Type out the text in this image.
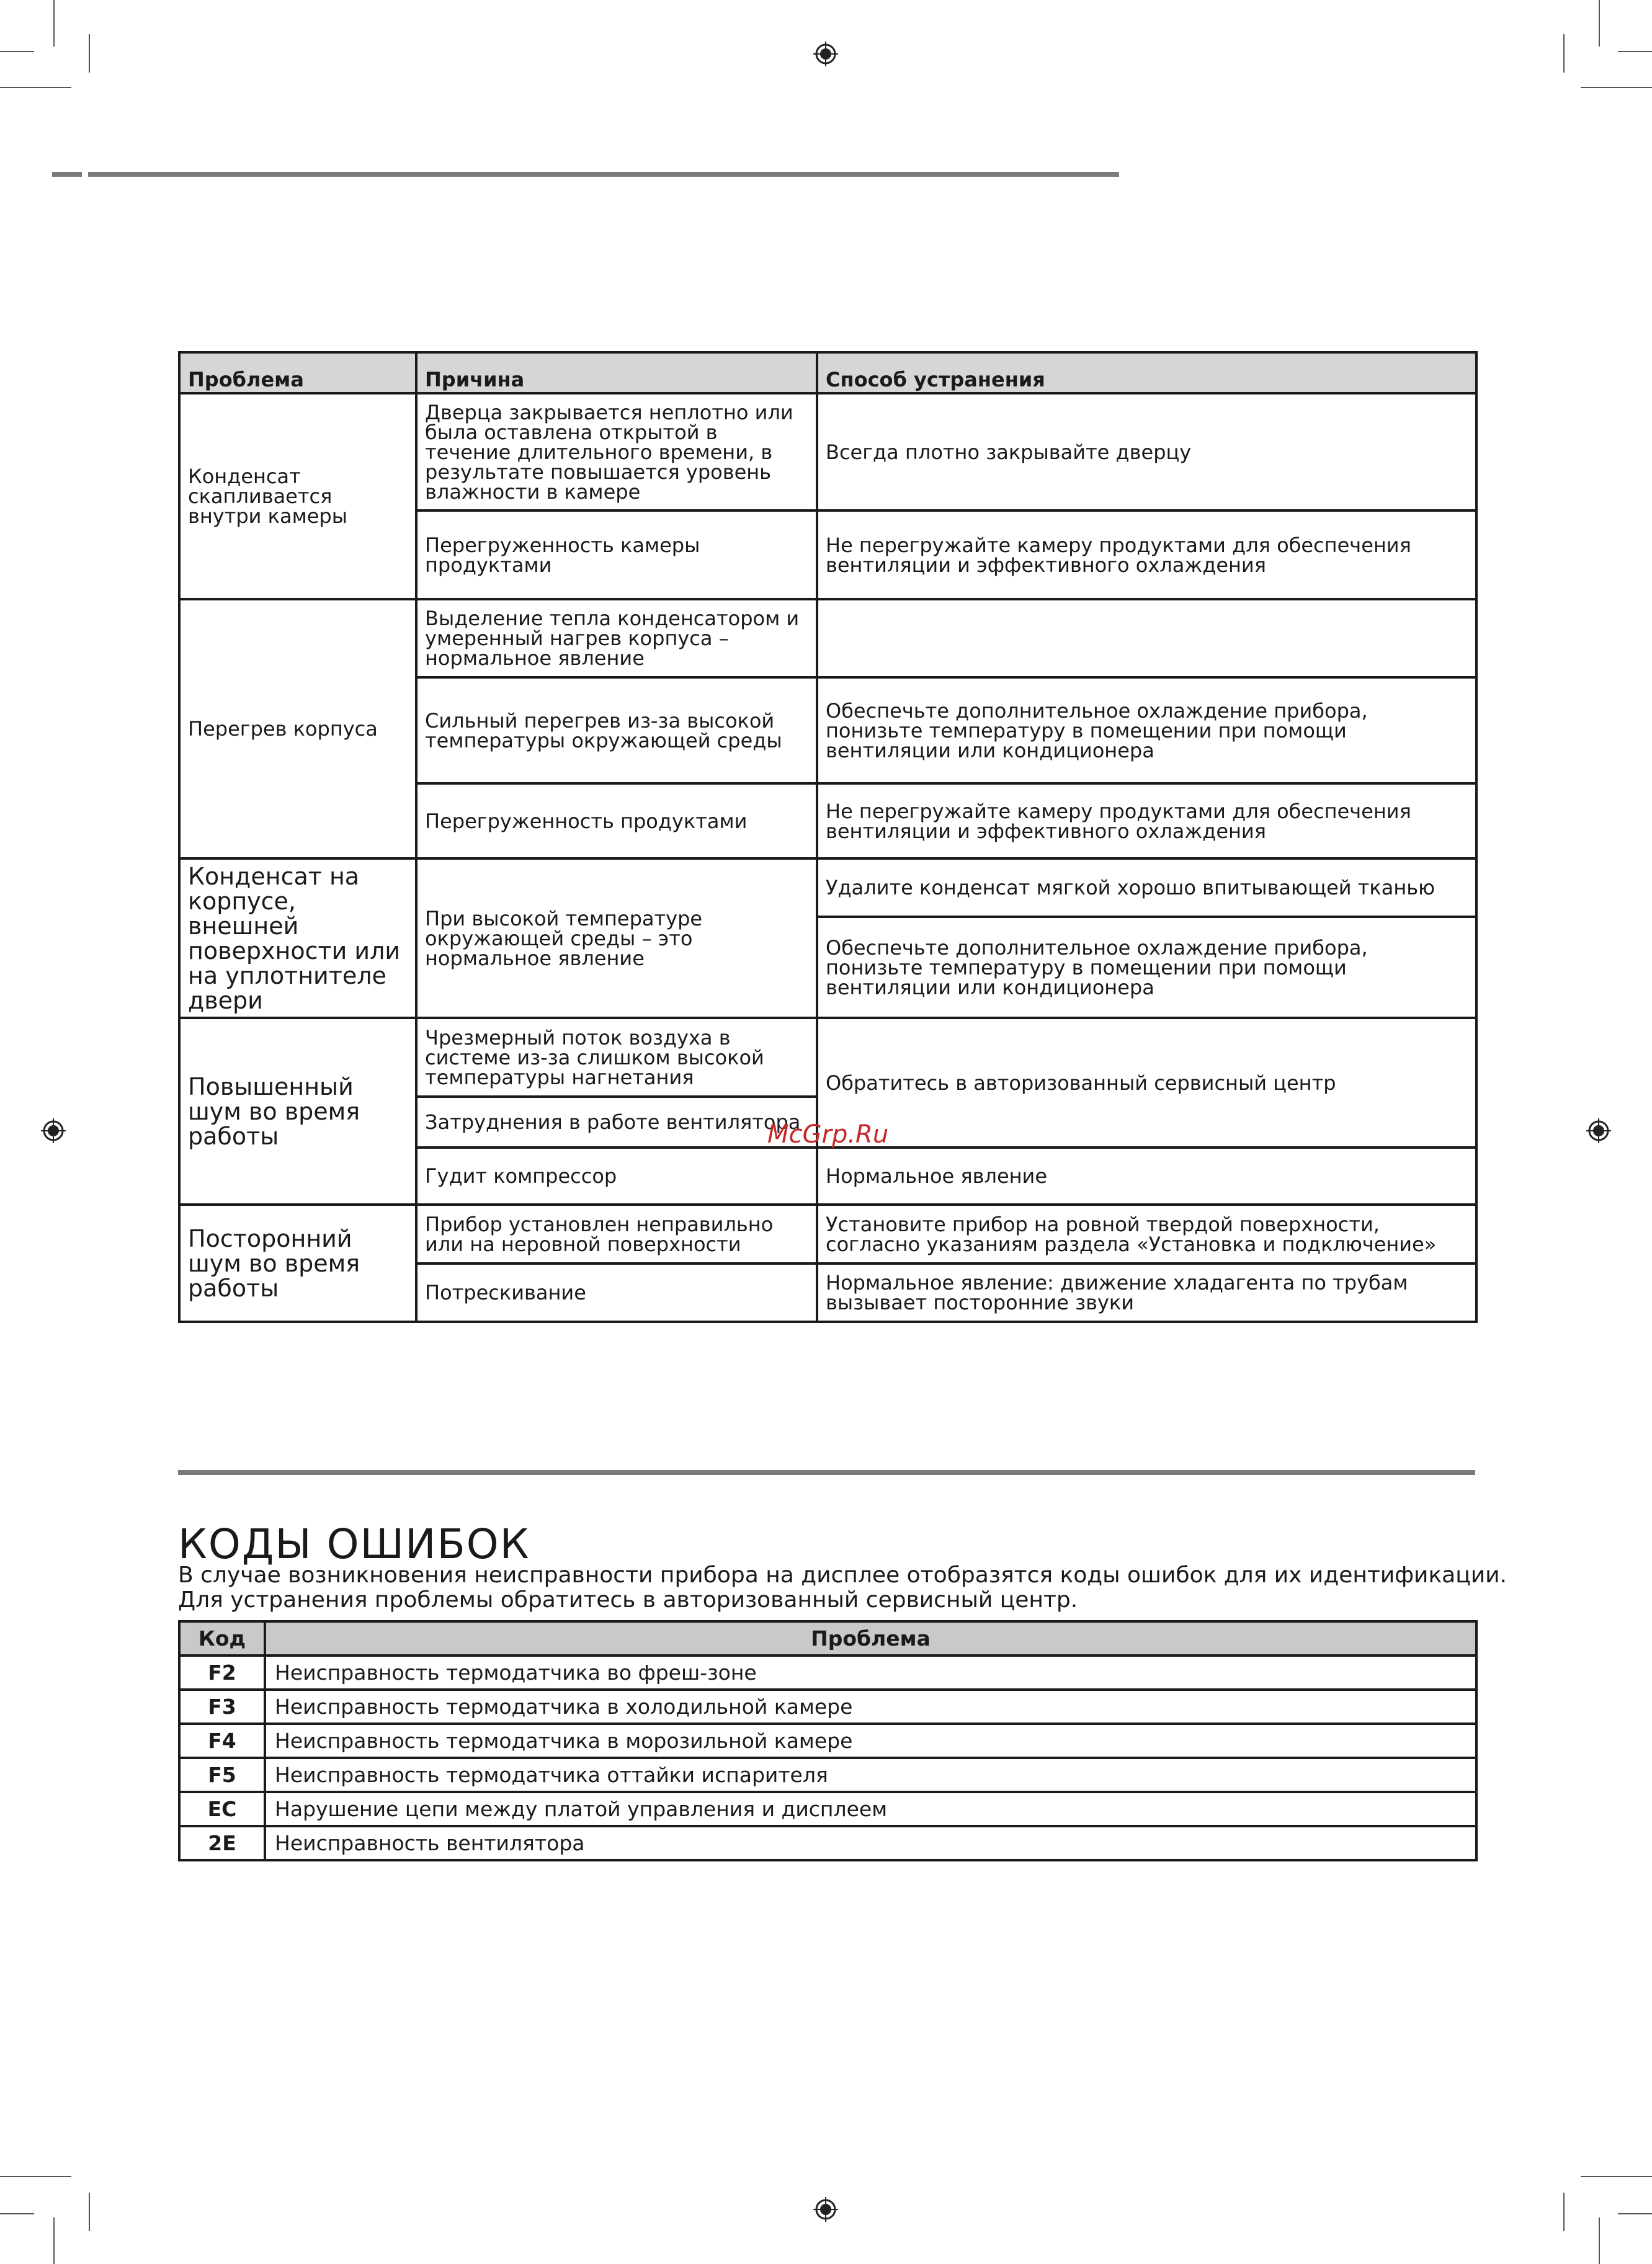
Проблема	Причина	Способ устранения
Конденсат скапливается внутри камеры	Дверца закрывается неплотно или была оставлена открытой в течение длительного времени, в результате повышается уровень влажности в камере	Всегда плотно закрывайте дверцу
	Перегруженность камеры продуктами	Не перегружайте камеру продуктами для обеспечения вентиляции и эффективного охлаждения
Перегрев корпуса	Выделение тепла конденсатором и умеренный нагрев корпуса – нормальное явление	
	Сильный перегрев из-за высокой температуры окружающей среды	Обеспечьте дополнительное охлаждение прибора, понизьте температуру в помещении при помощи вентиляции или кондиционера
	Перегруженность продуктами	Не перегружайте камеру продуктами для обеспечения вентиляции и эффективного охлаждения
Конденсат на корпусе, внешней поверхности или на уплотнителе двери	При высокой температуре окружающей среды – это нормальное явление	Удалите конденсат мягкой хорошо впитывающей тканью
		Обеспечьте дополнительное охлаждение прибора, понизьте температуру в помещении при помощи вентиляции или кондиционера
Повышенный шум во время работы	Чрезмерный поток воздуха в системе из-за слишком высокой температуры нагнетания	Обратитесь в авторизованный сервисный центр
	Затруднения в работе вентилятора	
	Гудит компрессор	Нормальное явление
Посторонний шум во время работы	Прибор установлен неправильно или на неровной поверхности	Установите прибор на ровной твердой поверхности, согласно указаниям раздела «Установка и подключение»
	Потрескивание	Нормальное явление: движение хладагента по трубам вызывает посторонние звуки
McGrp.Ru
КОДЫ ОШИБОК
В случае возникновения неисправности прибора на дисплее отобразятся коды ошибок для их идентификации.
Для устранения проблемы обратитесь в авторизованный сервисный центр.
Код	Проблема
F2	Неисправность термодатчика во фреш-зоне
F3	Неисправность термодатчика в холодильной камере
F4	Неисправность термодатчика в морозильной камере
F5	Неисправность термодатчика оттайки испарителя
EC	Нарушение цепи между платой управления и дисплеем
2E	Неисправность вентилятора
